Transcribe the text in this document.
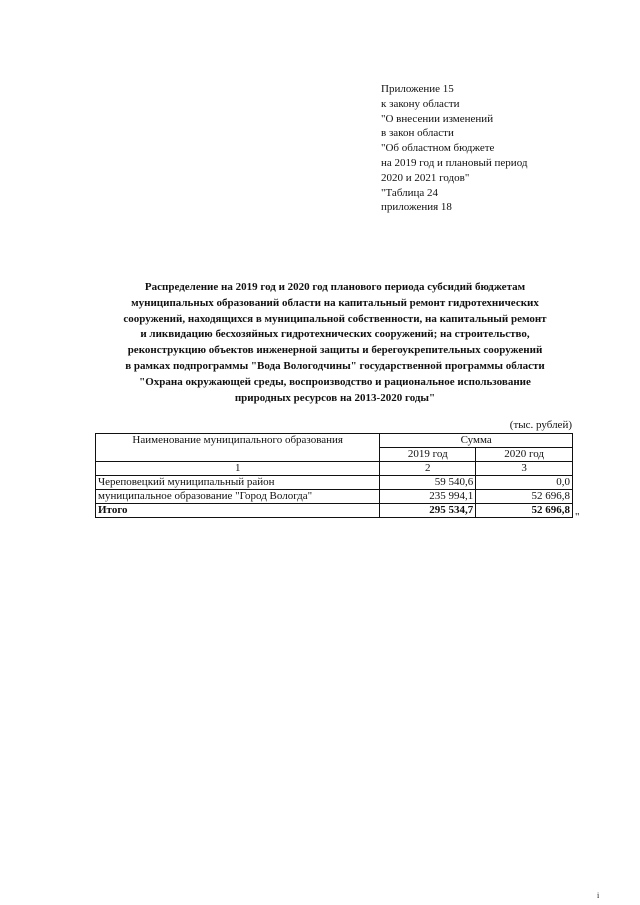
Приложение 15
к закону области
"О внесении изменений
в закон области
"Об областном бюджете
на 2019 год и плановый период
2020 и 2021 годов"
"Таблица 24
приложения 18
Распределение на 2019 год и 2020 год планового периода субсидий бюджетам
муниципальных образований области на капитальный ремонт гидротехнических
сооружений, находящихся в муниципальной собственности, на капитальный ремонт
и ликвидацию бесхозяйных гидротехнических сооружений; на строительство,
реконструкцию объектов инженерной защиты и берегоукрепительных сооружений
в рамках подпрограммы "Вода Вологодчины" государственной программы области
"Охрана окружающей среды, воспроизводство и рациональное использование
природных ресурсов на 2013-2020 годы"
(тыс. рублей)
Наименование муниципального образования	Сумма	
	2019 год	2020 год
1	2	3
Череповецкий муниципальный район	59 540,6	0,0
муниципальное образование "Город Вологда"	235 994,1	52 696,8
Итого	295 534,7	52 696,8
"
і
